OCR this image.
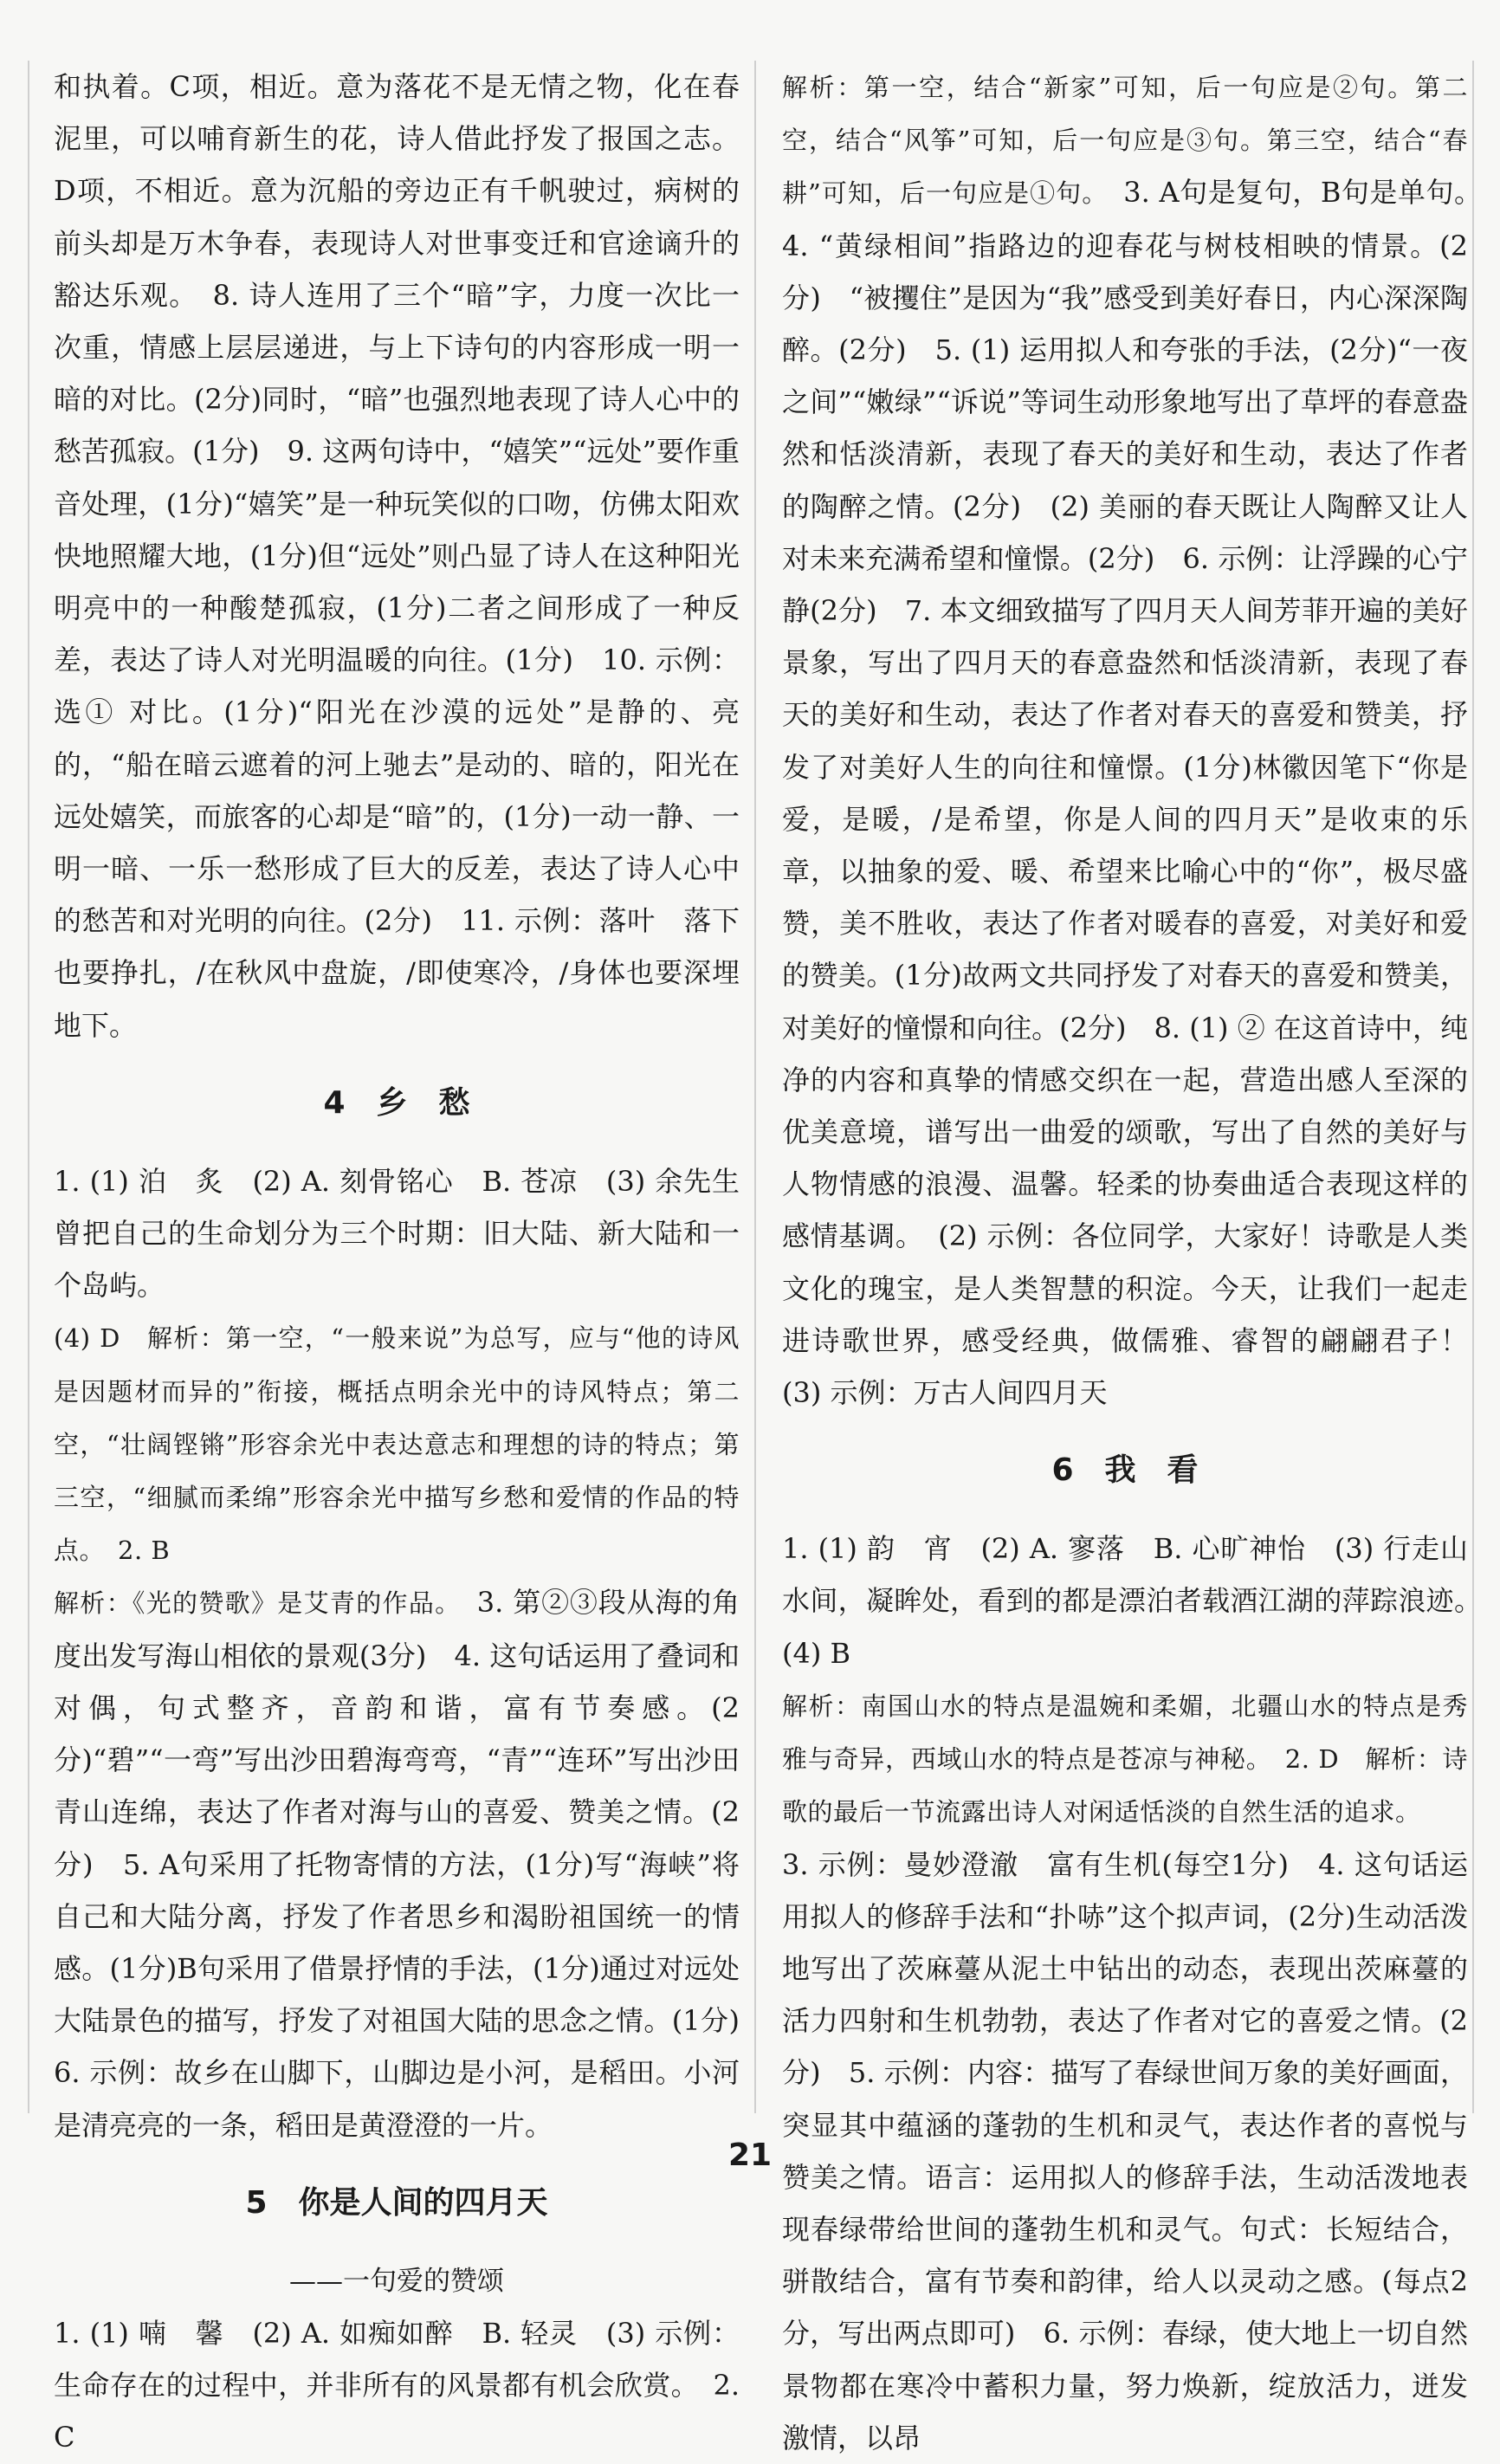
和执着。C项，相近。意为落花不是无情之物，化在春泥里，可以哺育新生的花，诗人借此抒发了报国之志。D项，不相近。意为沉船的旁边正有千帆驶过，病树的前头却是万木争春，表现诗人对世事变迁和官途谪升的豁达乐观。　8. 诗人连用了三个“暗”字，力度一次比一次重，情感上层层递进，与上下诗句的内容形成一明一暗的对比。(2分)同时，“暗”也强烈地表现了诗人心中的愁苦孤寂。(1分)　9. 这两句诗中，“嬉笑”“远处”要作重音处理，(1分)“嬉笑”是一种玩笑似的口吻，仿佛太阳欢快地照耀大地，(1分)但“远处”则凸显了诗人在这种阳光明亮中的一种酸楚孤寂，(1分)二者之间形成了一种反差，表达了诗人对光明温暖的向往。(1分)　10. 示例：选① 对比。(1分)“阳光在沙漠的远处”是静的、亮的，“船在暗云遮着的河上驰去”是动的、暗的，阳光在远处嬉笑，而旅客的心却是“暗”的，(1分)一动一静、一明一暗、一乐一愁形成了巨大的反差，表达了诗人心中的愁苦和对光明的向往。(2分)　11. 示例：落叶　落下也要挣扎，/在秋风中盘旋，/即使寒冷，/身体也要深埋地下。

4　乡　愁

1. (1) 泊　炙　(2) A. 刻骨铭心　B. 苍凉　(3) 余先生曾把自己的生命划分为三个时期：旧大陆、新大陆和一个岛屿。

(4) D　解析：第一空，“一般来说”为总写，应与“他的诗风是因题材而异的”衔接，概括点明余光中的诗风特点；第二空，“壮阔铿锵”形容余光中表达意志和理想的诗的特点；第三空，“细腻而柔绵”形容余光中描写乡愁和爱情的作品的特点。　2. B

解析：《光的赞歌》是艾青的作品。　3. 第②③段从海的角度出发写海山相依的景观(3分)　4. 这句话运用了叠词和对偶，句式整齐，音韵和谐，富有节奏感。(2分)“碧”“一弯”写出沙田碧海弯弯，“青”“连环”写出沙田青山连绵，表达了作者对海与山的喜爱、赞美之情。(2分)　5. A句采用了托物寄情的方法，(1分)写“海峡”将自己和大陆分离，抒发了作者思乡和渴盼祖国统一的情感。(1分)B句采用了借景抒情的手法，(1分)通过对远处大陆景色的描写，抒发了对祖国大陆的思念之情。(1分)　6. 示例：故乡在山脚下，山脚边是小河，是稻田。小河是清亮亮的一条，稻田是黄澄澄的一片。

5　你是人间的四月天
——一句爱的赞颂

1. (1) 喃　馨　(2) A. 如痴如醉　B. 轻灵　(3) 示例：生命存在的过程中，并非所有的风景都有机会欣赏。　2. C

解析：第一空，结合“新家”可知，后一句应是②句。第二空，结合“风筝”可知，后一句应是③句。第三空，结合“春耕”可知，后一句应是①句。　3. A句是复句，B句是单句。　4. “黄绿相间”指路边的迎春花与树枝相映的情景。(2分)　“被攫住”是因为“我”感受到美好春日，内心深深陶醉。(2分)　5. (1) 运用拟人和夸张的手法，(2分)“一夜之间”“嫩绿”“诉说”等词生动形象地写出了草坪的春意盎然和恬淡清新，表现了春天的美好和生动，表达了作者的陶醉之情。(2分)　(2) 美丽的春天既让人陶醉又让人对未来充满希望和憧憬。(2分)　6. 示例：让浮躁的心宁静(2分)　7. 本文细致描写了四月天人间芳菲开遍的美好景象，写出了四月天的春意盎然和恬淡清新，表现了春天的美好和生动，表达了作者对春天的喜爱和赞美，抒发了对美好人生的向往和憧憬。(1分)林徽因笔下“你是爱，是暖，/是希望，你是人间的四月天”是收束的乐章，以抽象的爱、暖、希望来比喻心中的“你”，极尽盛赞，美不胜收，表达了作者对暖春的喜爱，对美好和爱的赞美。(1分)故两文共同抒发了对春天的喜爱和赞美，对美好的憧憬和向往。(2分)　8. (1) ② 在这首诗中，纯净的内容和真挚的情感交织在一起，营造出感人至深的优美意境，谱写出一曲爱的颂歌，写出了自然的美好与人物情感的浪漫、温馨。轻柔的协奏曲适合表现这样的感情基调。　(2) 示例：各位同学，大家好！诗歌是人类文化的瑰宝，是人类智慧的积淀。今天，让我们一起走进诗歌世界，感受经典，做儒雅、睿智的翩翩君子！　(3) 示例：万古人间四月天

6　我　看

1. (1) 韵　宵　(2) A. 寥落　B. 心旷神怡　(3) 行走山水间，凝眸处，看到的都是漂泊者载酒江湖的萍踪浪迹。　(4) B

解析：南国山水的特点是温婉和柔媚，北疆山水的特点是秀雅与奇异，西域山水的特点是苍凉与神秘。　2. D　解析：诗歌的最后一节流露出诗人对闲适恬淡的自然生活的追求。

3. 示例：曼妙澄澈　富有生机(每空1分)　4. 这句话运用拟人的修辞手法和“扑哧”这个拟声词，(2分)生动活泼地写出了茨麻薹从泥土中钻出的动态，表现出茨麻薹的活力四射和生机勃勃，表达了作者对它的喜爱之情。(2分)　5. 示例：内容：描写了春绿世间万象的美好画面，突显其中蕴涵的蓬勃的生机和灵气，表达作者的喜悦与赞美之情。语言：运用拟人的修辞手法，生动活泼地表现春绿带给世间的蓬勃生机和灵气。句式：长短结合，骈散结合，富有节奏和韵律，给人以灵动之感。(每点2分，写出两点即可)　6. 示例：春绿，使大地上一切自然景物都在寒冷中蓄积力量，努力焕新，绽放活力，迸发激情，以昂

21
